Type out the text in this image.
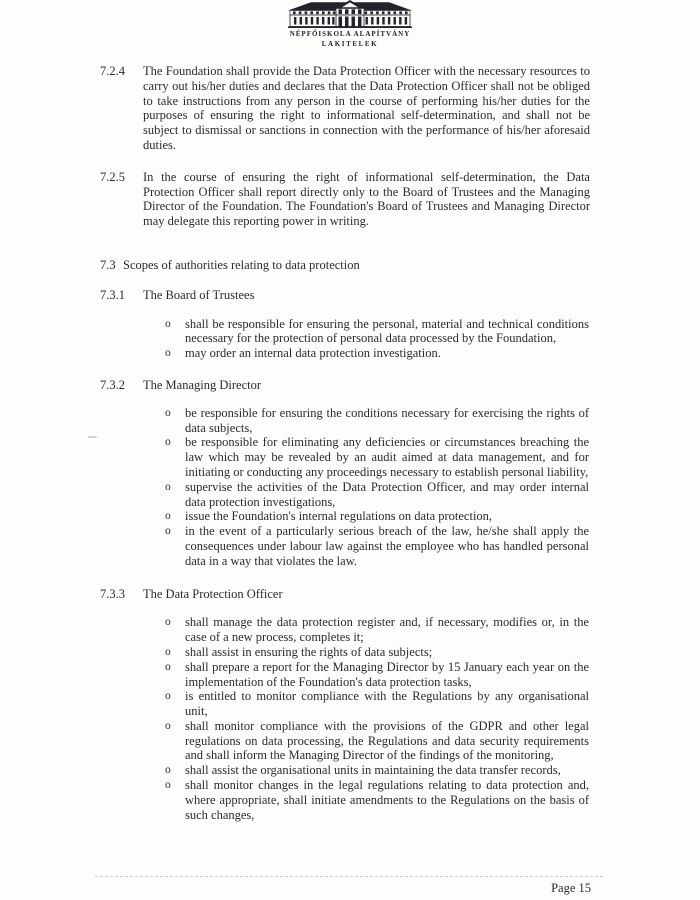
NÉPFŐISKOLA ALAPÍTVÁNY
LAKITELEK
7.2.4	The Foundation shall provide the Data Protection Officer with the necessary resources to carry out his/her duties and declares that the Data Protection Officer shall not be obliged to take instructions from any person in the course of performing his/her duties for the purposes of ensuring the right to informational self-determination, and shall not be subject to dismissal or sanctions in connection with the performance of his/her aforesaid duties.

7.2.5	In the course of ensuring the right of informational self-determination, the Data Protection Officer shall report directly only to the Board of Trustees and the Managing Director of the Foundation. The Foundation's Board of Trustees and Managing Director may delegate this reporting power in writing.

7.3 Scopes of authorities relating to data protection

7.3.1	The Board of Trustees

o	shall be responsible for ensuring the personal, material and technical conditions necessary for the protection of personal data processed by the Foundation,

o	may order an internal data protection investigation.

7.3.2	The Managing Director

o	be responsible for ensuring the conditions necessary for exercising the rights of data subjects,

o	be responsible for eliminating any deficiencies or circumstances breaching the law which may be revealed by an audit aimed at data management, and for initiating or conducting any proceedings necessary to establish personal liability,

o	supervise the activities of the Data Protection Officer, and may order internal data protection investigations,

o	issue the Foundation's internal regulations on data protection,

o	in the event of a particularly serious breach of the law, he/she shall apply the consequences under labour law against the employee who has handled personal data in a way that violates the law.

7.3.3	The Data Protection Officer

o	shall manage the data protection register and, if necessary, modifies or, in the case of a new process, completes it;

o	shall assist in ensuring the rights of data subjects;

o	shall prepare a report for the Managing Director by 15 January each year on the implementation of the Foundation's data protection tasks,

o	is entitled to monitor compliance with the Regulations by any organisational unit,

o	shall monitor compliance with the provisions of the GDPR and other legal regulations on data processing, the Regulations and data security requirements and shall inform the Managing Director of the findings of the monitoring,

o	shall assist the organisational units in maintaining the data transfer records,

o	shall monitor changes in the legal regulations relating to data protection and, where appropriate, shall initiate amendments to the Regulations on the basis of such changes,

Page 15
